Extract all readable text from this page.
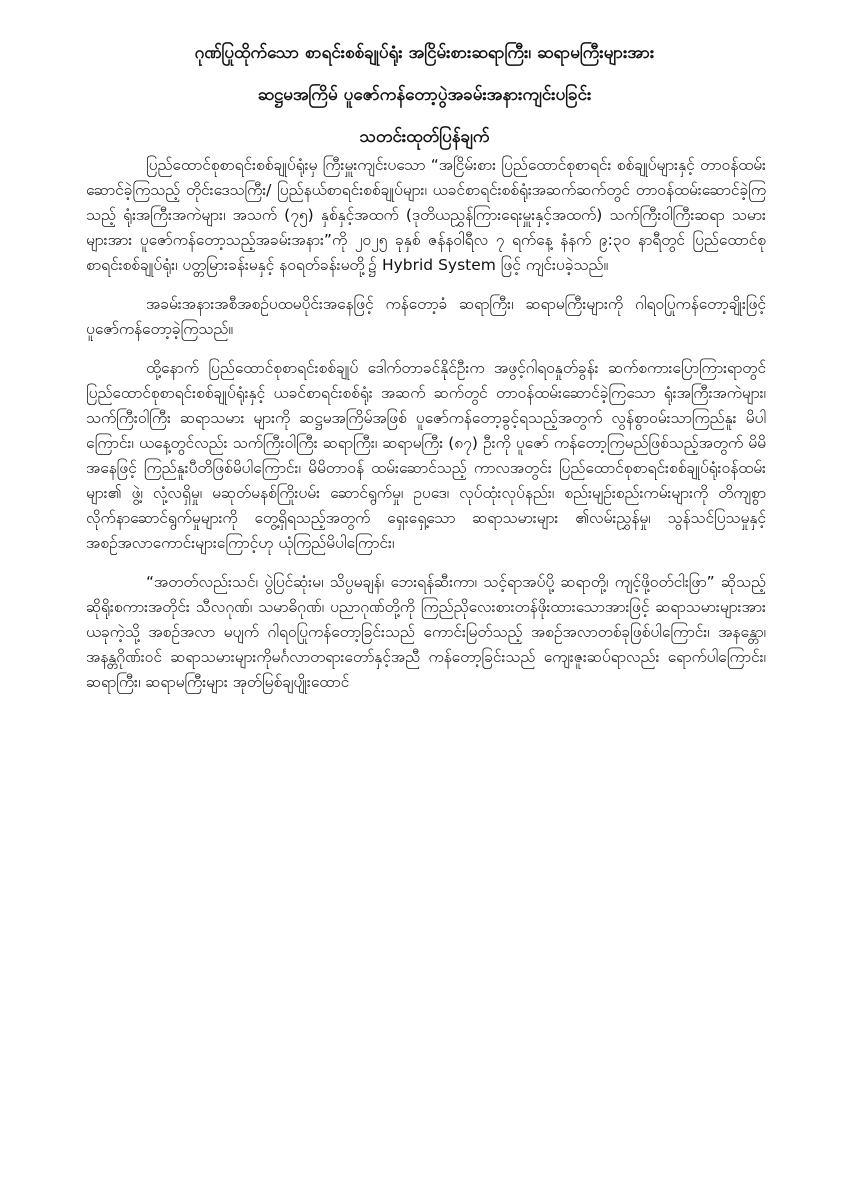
ဂုဏ်ပြုထိုက်သော စာရင်းစစ်ချုပ်ရုံး အငြိမ်းစားဆရာကြီး၊ ဆရာမကြီးများအား
ဆဋ္ဌမအကြိမ် ပူဇော်ကန်တော့ပွဲအခမ်းအနားကျင်းပခြင်း
သတင်းထုတ်ပြန်ချက်

ပြည်ထောင်စုစာရင်းစစ်ချုပ်ရုံးမှ ကြီးမှူးကျင်းပသော “အငြိမ်းစား ပြည်ထောင်စုစာရင်း စစ်ချုပ်များနှင့် တာဝန်ထမ်းဆောင်ခဲ့ကြသည့် တိုင်းဒေသကြီး/ ပြည်နယ်စာရင်းစစ်ချုပ်များ၊ ယခင်စာရင်းစစ်ရုံးအဆက်ဆက်တွင် တာဝန်ထမ်းဆောင်ခဲ့ကြသည့် ရုံးအကြီးအကဲများ၊ အသက် (၇၅) နှစ်နှင့်အထက် (ဒုတိယညွှန်ကြားရေးမှူးနှင့်အထက်) သက်ကြီးဝါကြီးဆရာ သမားများအား ပူဇော်ကန်တော့သည့်အခမ်းအနား”ကို ၂၀၂၅ ခုနှစ် ဇန်နဝါရီလ ၇ ရက်နေ့ နံနက် ၉:၃၀ နာရီတွင် ပြည်ထောင်စုစာရင်းစစ်ချုပ်ရုံး၊ ပတ္တမြားခန်းမနှင့် နဝရတ်ခန်းမတို့၌ Hybrid System ဖြင့် ကျင်းပခဲ့သည်။

အခမ်းအနားအစီအစဉ်ပထမပိုင်းအနေဖြင့် ကန်တော့ခံ ဆရာကြီး၊ ဆရာမကြီးများကို ဂါရဝပြုကန်တော့ချိုးဖြင့် ပူဇော်ကန်တော့ခဲ့ကြသည်။

ထို့နောက် ပြည်ထောင်စုစာရင်းစစ်ချုပ် ဒေါက်တာခင်နိုင်ဦးက အဖွင့်ဂါရဝနှုတ်ခွန်း ဆက်စကားပြောကြားရာတွင် ပြည်ထောင်စုစာရင်းစစ်ချုပ်ရုံးနှင့် ယခင်စာရင်းစစ်ရုံး အဆက် ဆက်တွင် တာဝန်ထမ်းဆောင်ခဲ့ကြသော ရုံးအကြီးအကဲများ၊ သက်ကြီးဝါကြီး ဆရာသမား များကို ဆဋ္ဌမအကြိမ်အဖြစ် ပူဇော်ကန်တော့ခွင့်ရသည့်အတွက် လွန်စွာဝမ်းသာကြည်နူး မိပါကြောင်း၊ ယနေ့တွင်လည်း သက်ကြီးဝါကြီး ဆရာကြီး၊ ဆရာမကြီး (၈၇) ဦးကို ပူဇော် ကန်တော့ကြမည်ဖြစ်သည့်အတွက် မိမိအနေဖြင့် ကြည်နူးပီတိဖြစ်မိပါကြောင်း၊ မိမိတာဝန် ထမ်းဆောင်သည့် ကာလအတွင်း ပြည်ထောင်စုစာရင်းစစ်ချုပ်ရုံးဝန်ထမ်းများ၏ ဖွဲ့၊ လုံ့လရှိမှု၊ မဆုတ်မနစ်ကြိုးပမ်း ဆောင်ရွက်မှု၊ ဥပဒေ၊ လုပ်ထုံးလုပ်နည်း၊ စည်းမျဉ်းစည်းကမ်းများကို တိကျစွာ လိုက်နာဆောင်ရွက်မှုများကို တွေ့ရှိရသည့်အတွက် ရှေးရှေ့သော ဆရာသမားများ ၏လမ်းညွှန်မှု၊ သွန်သင်ပြသမှုနှင့် အစဉ်အလာကောင်းများကြောင့်ဟု ယုံကြည်မိပါကြောင်း၊

“အတတ်လည်းသင်၊ ပွဲပြင်ဆုံးမ၊ သိပ္ပမချန်၊ ဘေးရန်ဆီးကာ၊ သင့်ရာအပ်ပို့ ဆရာတို့၊ ကျင့်ဖို့ဝတ်ငါးဖြာ” ဆိုသည့်ဆိုရိုးစကားအတိုင်း သီလဂုဏ်၊ သမာဓိဂုဏ်၊ ပညာဂုဏ်တို့ကို ကြည်ညိုလေးစားတန်ဖိုးထားသောအားဖြင့် ဆရာသမားများအား ယခုကဲ့သို့ အစဉ်အလာ မပျက် ဂါရဝပြုကန်တော့ခြင်းသည် ကောင်းမြတ်သည့် အစဉ်အလာတစ်ခုဖြစ်ပါကြောင်း၊ အနန္တော၊ အနန္တဂိုဏ်းဝင် ဆရာသမားများကိုမင်္ဂလာတရားတော်နှင့်အညီ ကန်တော့ခြင်းသည် ကျေးဇူးဆပ်ရာလည်း ရောက်ပါကြောင်း၊ ဆရာကြီး၊ ဆရာမကြီးများ အုတ်မြစ်ချပျိုးထောင်
